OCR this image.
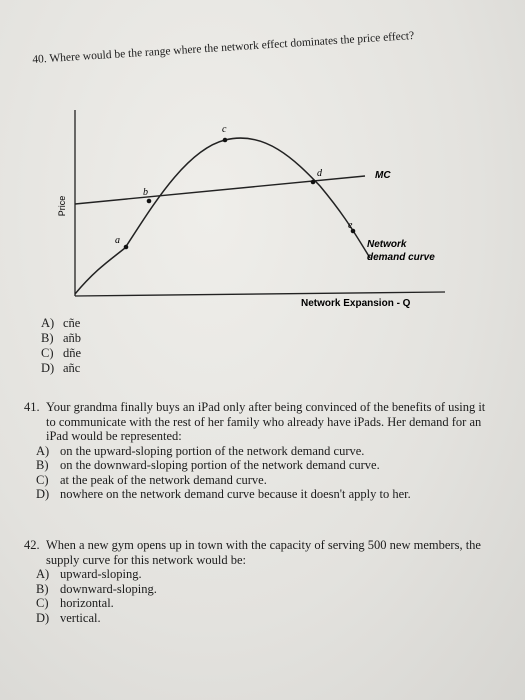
40. Where would be the range where the network effect dominates the price effect?
a
b
c
d
e
Price
MC
Network
demand curve
Network Expansion - Q
A) cñe
B) añb
C) dñe
D) añc
41. Your grandma finally buys an iPad only after being convinced of the benefits of using it
to communicate with the rest of her family who already have iPads. Her demand for an
iPad would be represented:
A) on the upward-sloping portion of the network demand curve.
B) on the downward-sloping portion of the network demand curve.
C) at the peak of the network demand curve.
D) nowhere on the network demand curve because it doesn't apply to her.
42. When a new gym opens up in town with the capacity of serving 500 new members, the
supply curve for this network would be:
A) upward-sloping.
B) downward-sloping.
C) horizontal.
D) vertical.
